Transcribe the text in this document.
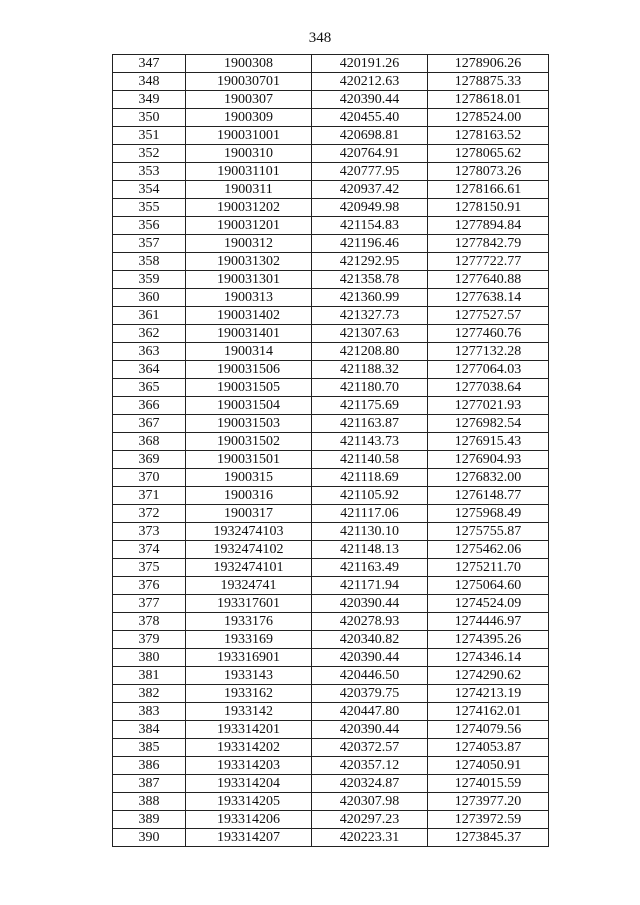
348
347	1900308	420191.26	1278906.26
348	190030701	420212.63	1278875.33
349	1900307	420390.44	1278618.01
350	1900309	420455.40	1278524.00
351	190031001	420698.81	1278163.52
352	1900310	420764.91	1278065.62
353	190031101	420777.95	1278073.26
354	1900311	420937.42	1278166.61
355	190031202	420949.98	1278150.91
356	190031201	421154.83	1277894.84
357	1900312	421196.46	1277842.79
358	190031302	421292.95	1277722.77
359	190031301	421358.78	1277640.88
360	1900313	421360.99	1277638.14
361	190031402	421327.73	1277527.57
362	190031401	421307.63	1277460.76
363	1900314	421208.80	1277132.28
364	190031506	421188.32	1277064.03
365	190031505	421180.70	1277038.64
366	190031504	421175.69	1277021.93
367	190031503	421163.87	1276982.54
368	190031502	421143.73	1276915.43
369	190031501	421140.58	1276904.93
370	1900315	421118.69	1276832.00
371	1900316	421105.92	1276148.77
372	1900317	421117.06	1275968.49
373	1932474103	421130.10	1275755.87
374	1932474102	421148.13	1275462.06
375	1932474101	421163.49	1275211.70
376	19324741	421171.94	1275064.60
377	193317601	420390.44	1274524.09
378	1933176	420278.93	1274446.97
379	1933169	420340.82	1274395.26
380	193316901	420390.44	1274346.14
381	1933143	420446.50	1274290.62
382	1933162	420379.75	1274213.19
383	1933142	420447.80	1274162.01
384	193314201	420390.44	1274079.56
385	193314202	420372.57	1274053.87
386	193314203	420357.12	1274050.91
387	193314204	420324.87	1274015.59
388	193314205	420307.98	1273977.20
389	193314206	420297.23	1273972.59
390	193314207	420223.31	1273845.37
